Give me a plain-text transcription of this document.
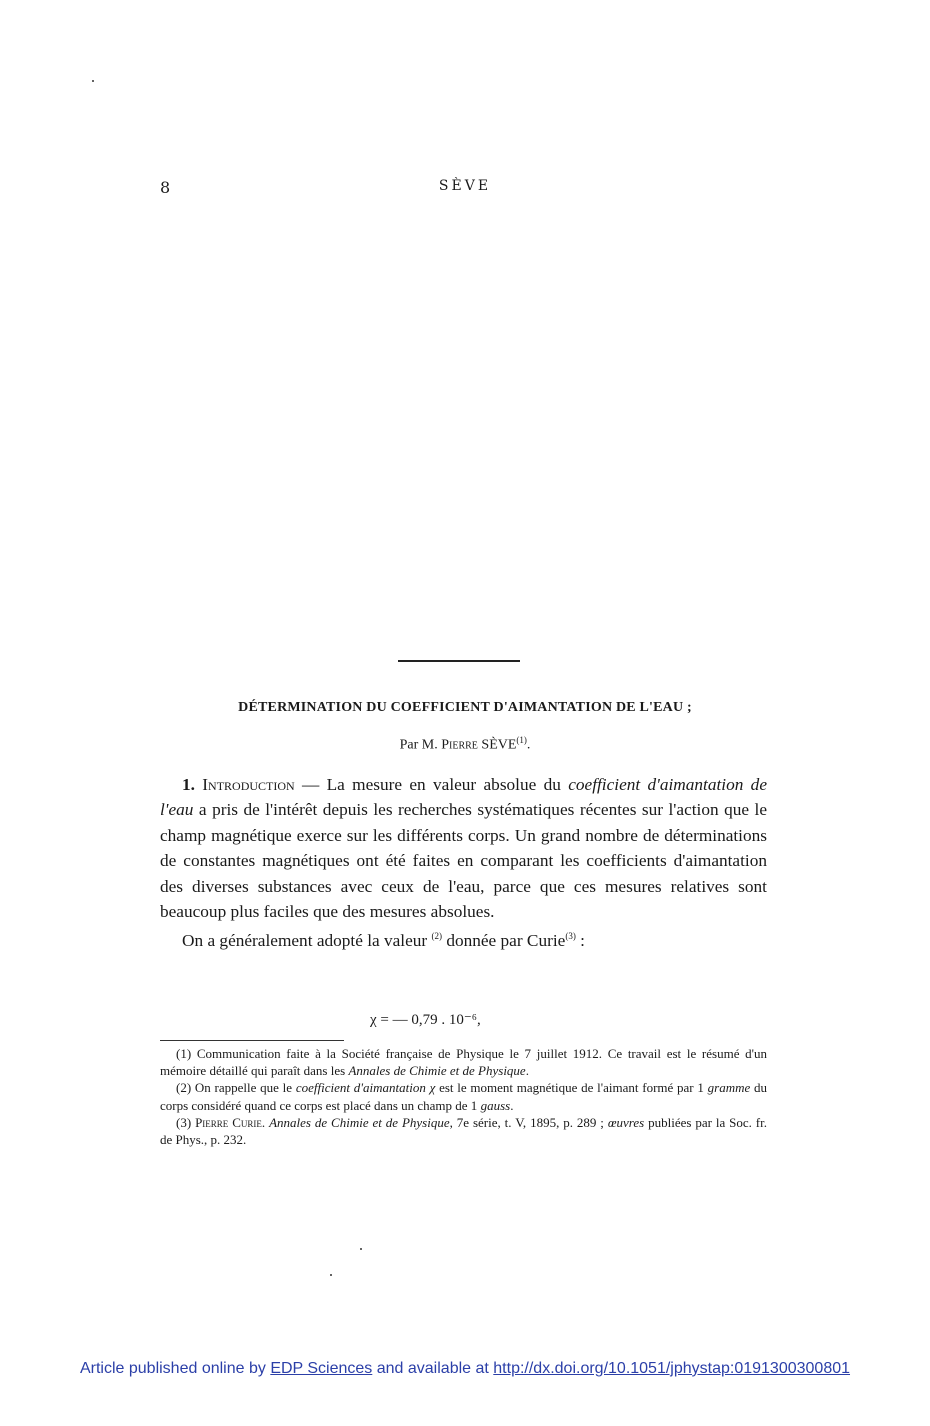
8	SÈVE
DÉTERMINATION DU COEFFICIENT D'AIMANTATION DE L'EAU ;
Par M. Pierre SÈVE$^{(1)}$.

1. Introduction — La mesure en valeur absolue du coefficient d'aimantation de l'eau a pris de l'intérêt depuis les recherches systématiques récentes sur l'action que le champ magnétique exerce sur les différents corps. Un grand nombre de déterminations de constantes magnétiques ont été faites en comparant les coefficients d'aimantation des diverses substances avec ceux de l'eau, parce que ces mesures relatives sont beaucoup plus faciles que des mesures absolues.

On a généralement adopté la valeur $^{(2)}$ donnée par Curie$^{(3)}$ :

χ = — 0,79 . 10⁻⁶,

(1) Communication faite à la Société française de Physique le 7 juillet 1912. Ce travail est le résumé d'un mémoire détaillé qui paraît dans les Annales de Chimie et de Physique.

(2) On rappelle que le coefficient d'aimantation χ est le moment magnétique de l'aimant formé par 1 gramme du corps considéré quand ce corps est placé dans un champ de 1 gauss.

(3) Pierre Curie. Annales de Chimie et de Physique, 7e série, t. V, 1895, p. 289 ; œuvres publiées par la Soc. fr. de Phys., p. 232.

Article published online by EDP Sciences and available at http://dx.doi.org/10.1051/jphystap:0191300300801
